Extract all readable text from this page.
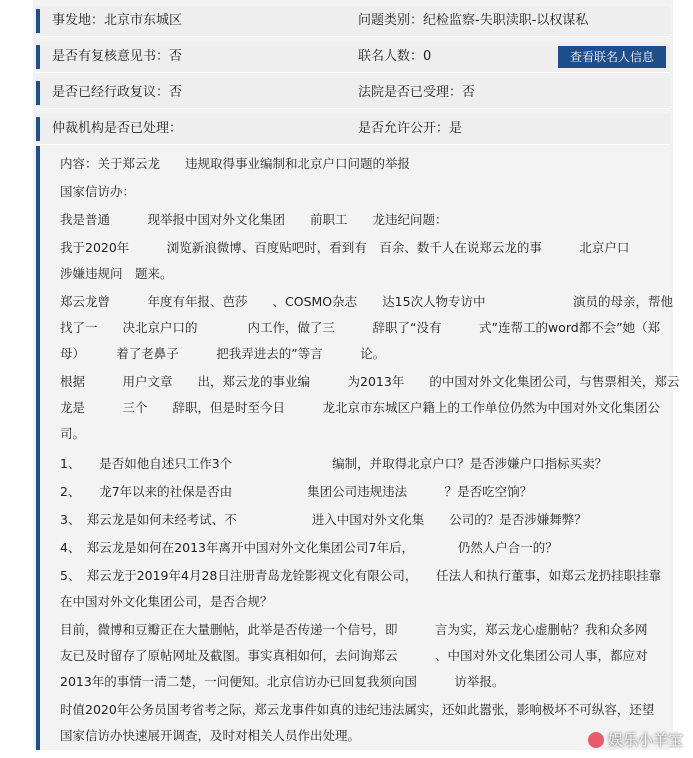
事发地：北京市东城区	问题类别：纪检监察-失职渎职-以权谋私
是否有复核意见书：否	联名人数：0	查看联名人信息
是否已经行政复议：否	法院是否已受理：否
仲裁机构是否已处理：	是否允许公开：是
内容：关于郑云龙　　违规取得事业编制和北京户口问题的举报
国家信访办：
我是普通　　　现举报中国对外文化集团　　前职工　　龙违纪问题：
我于2020年　　　浏览新浪微博、百度贴吧时，看到有　百余、数千人在说郑云龙的事　　　北京户口
涉嫌违规问　题来。
郑云龙曾　　　年度有年报、芭莎　　、COSMO杂志　　达15次人物专访中　　　　　　　演员的母亲，帮他
找了一　　决北京户口的　　　　内工作，做了三　　　辞职了“没有　　　式”连帮工的word都不会”她（郑
母）　　　着了老鼻子　　　把我弄进去的”等言　　　论。
根据　　　用户文章　　出，郑云龙的事业编　　　为2013年　　的中国对外文化集团公司，与售票相关，郑云
龙是　　　三个　　辞职，但是时至今日　　　龙北京市东城区户籍上的工作单位仍然为中国对外文化集团公
司。
1、　　是否如他自述只工作3个　　　　　　　　编制，并取得北京户口？是否涉嫌户口指标买卖？
2、　　龙7年以来的社保是否由　　　　　　集团公司违规违法　　　？是否吃空饷？
3、　郑云龙是如何未经考试、不　　　　　　进入中国对外文化集　　公司的？是否涉嫌舞弊？
4、　郑云龙是如何在2013年离开中国对外文化集团公司7年后，　　　　仍然人户合一的？
5、　郑云龙于2019年4月28日注册青岛龙铨影视文化有限公司，　　任法人和执行董事，如郑云龙扔挂职挂靠
在中国对外文化集团公司，是否合规？
目前，微博和豆瓣正在大量删帖，此举是否传递一个信号，即　　　言为实，郑云龙心虚删帖？我和众多网
友已及时留存了原帖网址及截图。事实真相如何，去问询郑云　　　、中国对外文化集团公司人事，都应对
2013年的事情一清二楚，一问便知。北京信访办已回复我须向国　　　访举报。
时值2020年公务员国考省考之际，郑云龙事件如真的违纪违法属实，还如此嚣张，影响极坏不可纵容，还望
国家信访办快速展开调查，及时对相关人员作出处理。	娱乐小羊宝
